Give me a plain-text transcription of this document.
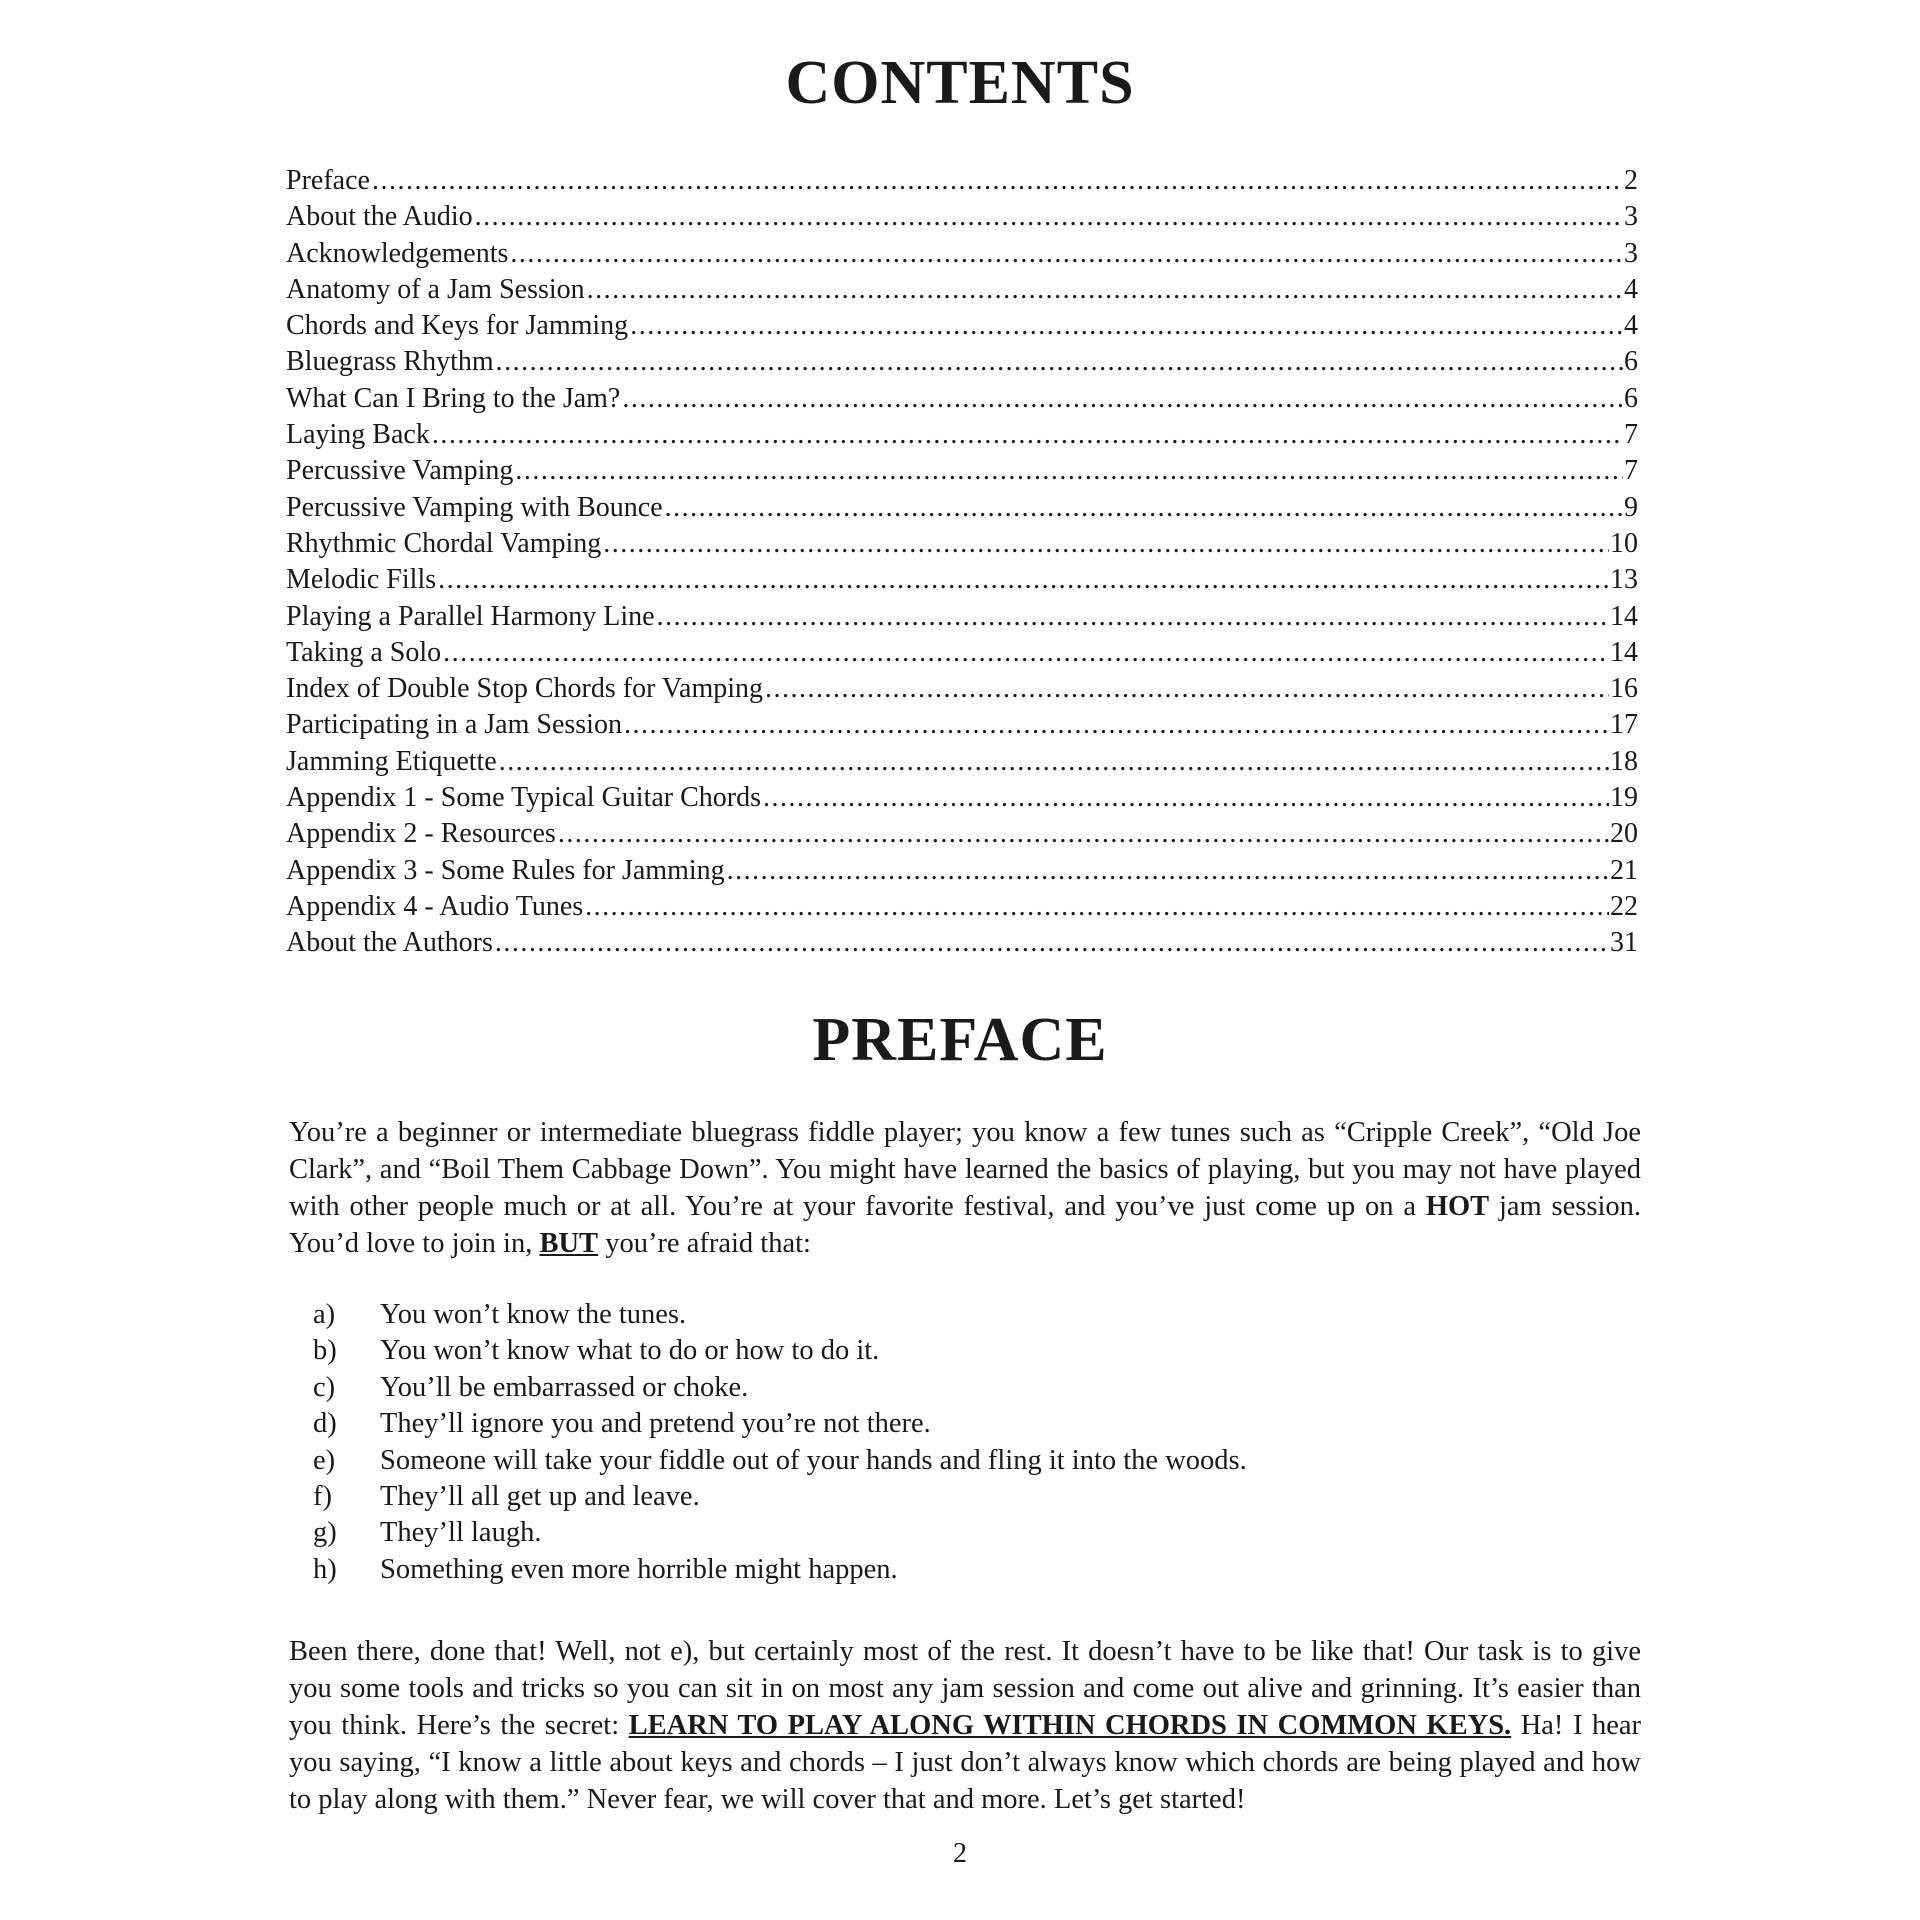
CONTENTS
Preface .....	2
About the Audio .....	3
Acknowledgements .....	3
Anatomy of a Jam Session .....	4
Chords and Keys for Jamming .....	4
Bluegrass Rhythm .....	6
What Can I Bring to the Jam? .....	6
Laying Back .....	7
Percussive Vamping .....	7
Percussive Vamping with Bounce .....	9
Rhythmic Chordal Vamping .....	10
Melodic Fills .....	13
Playing a Parallel Harmony Line .....	14
Taking a Solo .....	14
Index of Double Stop Chords for Vamping .....	16
Participating in a Jam Session .....	17
Jamming Etiquette .....	18
Appendix 1 - Some Typical Guitar Chords .....	19
Appendix 2 - Resources .....	20
Appendix 3 - Some Rules for Jamming .....	21
Appendix 4 - Audio Tunes .....	22
About the Authors .....	31
PREFACE

You’re a beginner or intermediate bluegrass fiddle player; you know a few tunes such as “Cripple Creek”, “Old Joe Clark”, and “Boil Them Cabbage Down”. You might have learned the basics of playing, but you may not have played with other people much or at all. You’re at your favorite festival, and you’ve just come up on a HOT jam session. You’d love to join in, BUT you’re afraid that:

a)	You won’t know the tunes.
b)	You won’t know what to do or how to do it.
c)	You’ll be embarrassed or choke.
d)	They’ll ignore you and pretend you’re not there.
e)	Someone will take your fiddle out of your hands and fling it into the woods.
f)	They’ll all get up and leave.
g)	They’ll laugh.
h)	Something even more horrible might happen.

Been there, done that! Well, not e), but certainly most of the rest. It doesn’t have to be like that! Our task is to give you some tools and tricks so you can sit in on most any jam session and come out alive and grinning. It’s easier than you think. Here’s the secret: LEARN TO PLAY ALONG WITHIN CHORDS IN COMMON KEYS. Ha! I hear you saying, “I know a little about keys and chords – I just don’t always know which chords are being played and how to play along with them.” Never fear, we will cover that and more. Let’s get started!

2
